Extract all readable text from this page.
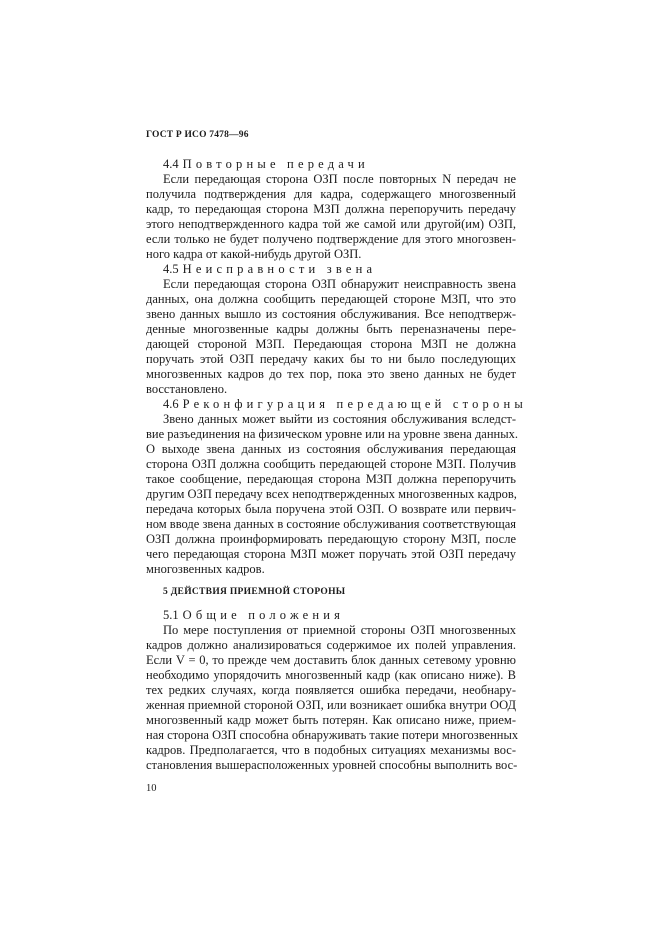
ГОСТ Р ИСО 7478—96
4.4 Повторные передачи
Если передающая сторона ОЗП после повторных N передач не
получила подтверждения для кадра, содержащего многозвенный
кадр, то передающая сторона МЗП должна перепоручить передачу
этого неподтвержденного кадра той же самой или другой(им) ОЗП,
если только не будет получено подтверждение для этого многозвен-
ного кадра от какой-нибудь другой ОЗП.
4.5 Неисправности звена
Если передающая сторона ОЗП обнаружит неисправность звена
данных, она должна сообщить передающей стороне МЗП, что это
звено данных вышло из состояния обслуживания. Все неподтверж-
денные многозвенные кадры должны быть переназначены пере-
дающей стороной МЗП. Передающая сторона МЗП не должна
поручать этой ОЗП передачу каких бы то ни было последующих
многозвенных кадров до тех пор, пока это звено данных не будет
восстановлено.
4.6 Реконфигурация передающей стороны
Звено данных может выйти из состояния обслуживания вследст-
вие разъединения на физическом уровне или на уровне звена данных.
О выходе звена данных из состояния обслуживания передающая
сторона ОЗП должна сообщить передающей стороне МЗП. Получив
такое сообщение, передающая сторона МЗП должна перепоручить
другим ОЗП передачу всех неподтвержденных многозвенных кадров,
передача которых была поручена этой ОЗП. О возврате или первич-
ном вводе звена данных в состояние обслуживания соответствующая
ОЗП должна проинформировать передающую сторону МЗП, после
чего передающая сторона МЗП может поручать этой ОЗП передачу
многозвенных кадров.
5 ДЕЙСТВИЯ ПРИЕМНОЙ СТОРОНЫ
5.1 Общие положения
По мере поступления от приемной стороны ОЗП многозвенных
кадров должно анализироваться содержимое их полей управления.
Если V = 0, то прежде чем доставить блок данных сетевому уровню
необходимо упорядочить многозвенный кадр (как описано ниже). В
тех редких случаях, когда появляется ошибка передачи, необнару-
женная приемной стороной ОЗП, или возникает ошибка внутри ООД
многозвенный кадр может быть потерян. Как описано ниже, прием-
ная сторона ОЗП способна обнаруживать такие потери многозвенных
кадров. Предполагается, что в подобных ситуациях механизмы вос-
становления вышерасположенных уровней способны выполнить вос-
10
